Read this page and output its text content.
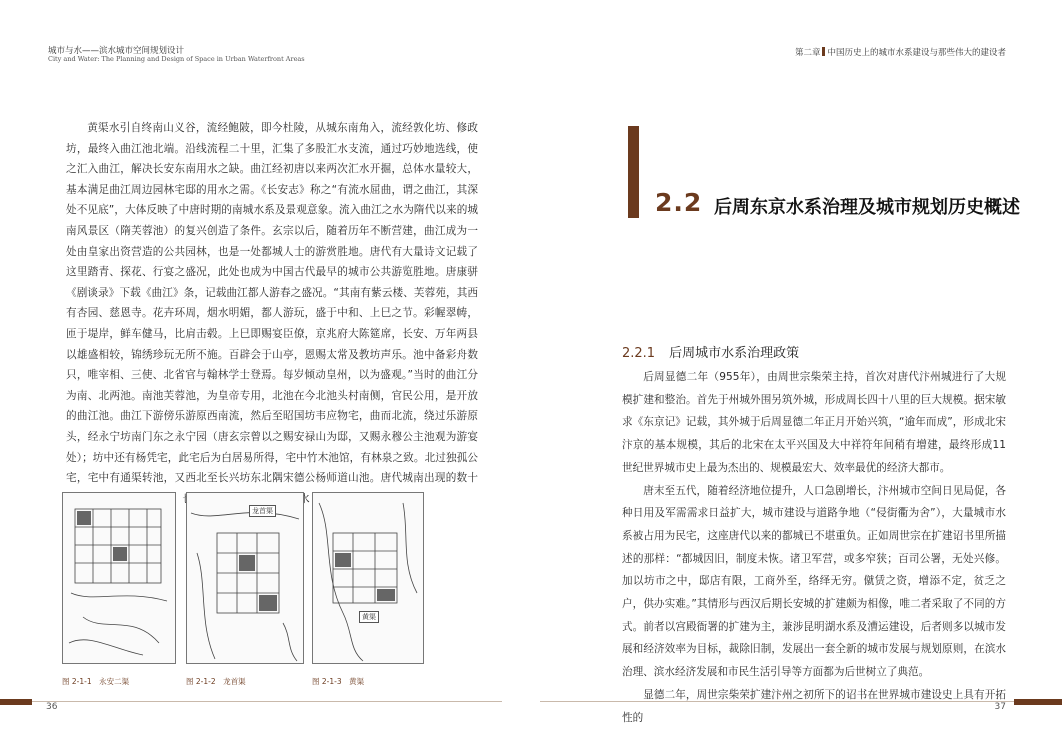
城市与水——滨水城市空间规划设计
City and Water: The Planning and Design of Space in Urban Waterfront Areas
第二章 中国历史上的城市水系建设与那些伟大的建设者

黄渠水引自终南山义谷，流经鲍陂，即今杜陵，从城东南角入，流经敦化坊、修政坊，最终入曲江池北端。沿线流程二十里，汇集了多股汇水支流，通过巧妙地选线，使之汇入曲江，解决长安东南用水之缺。曲江经初唐以来两次汇水开掘，总体水量较大，基本满足曲江周边园林宅邸的用水之需。《长安志》称之“有流水屈曲，谓之曲江，其深处不见底”，大体反映了中唐时期的南城水系及景观意象。流入曲江之水为隋代以来的城南风景区（隋芙蓉池）的复兴创造了条件。玄宗以后，随着历年不断营建，曲江成为一处由皇家出资营造的公共园林，也是一处都城人士的游赏胜地。唐代有大量诗文记载了这里踏青、探花、行宴之盛况，此处也成为中国古代最早的城市公共游览胜地。唐康骈《剧谈录》下载《曲江》条，记载曲江都人游春之盛况。“其南有紫云楼、芙蓉苑，其西有杏园、慈恩寺。花卉环周，烟水明媚，都人游玩，盛于中和、上巳之节。彩幄翠帱，匝于堤岸，鲜车健马，比肩击毂。上巳即赐宴臣僚，京兆府大陈筵席，长安、万年两县以雄盛相较，锦绣珍玩无所不施。百辟会于山亭，恩赐太常及教坊声乐。池中备彩舟数只，唯宰相、三使、北省官与翰林学士登焉。每岁倾动皇州，以为盛观。”当时的曲江分为南、北两池。南池芙蓉池，为皇帝专用，北池在今北池头村南侧，官民公用，是开放的曲江池。曲江下游傍乐游原西南流，然后至昭国坊韦应物宅，曲而北流，绕过乐游原头，经永宁坊南门东之永宁园（唐玄宗曾以之赐安禄山为邸，又赐永穆公主池观为游宴处）；坊中还有杨凭宅，此宅后为白居易所得，宅中竹木池馆，有林泉之致。北过独孤公宅，宅中有通渠转池，又西北至长兴坊东北隅宋德公杨师道山池。唐代城南出现的数十 ， 处引水（图2

龙首渠
黄渠
图 2-1-1　永安二渠	图 2-1-2　龙首渠	图 2-1-3　黄渠
2.2 后周东京水系治理及城市规划历史概述
2.2.1 后周城市水系治理政策

后周显德二年（955年），由周世宗柴荣主持，首次对唐代汴州城进行了大规模扩建和整治。首先于州城外围另筑外城，形成周长四十八里的巨大规模。据宋敏求《东京记》记载，其外城于后周显德二年正月开始兴筑，“逾年而成”，形成北宋汴京的基本规模，其后的北宋在太平兴国及大中祥符年间稍有增建，最终形成11世纪世界城市史上最为杰出的、规模最宏大、效率最优的经济大都市。

唐末至五代，随着经济地位提升，人口急剧增长，汴州城市空间日见局促，各种日用及军需需求日益扩大，城市建设与道路争地（“侵街衢为舍”），大量城市水系被占用为民宅，这座唐代以来的都城已不堪重负。正如周世宗在扩建诏书里所描述的那样：“都城因旧，制度未恢。诸卫军营，或多窄狭；百司公署，无处兴修。加以坊市之中，邸店有限，工商外至，络绎无穷。僦赁之资，增添不定，贫乏之户，供办实难。”其情形与西汉后期长安城的扩建颇为相像，唯二者采取了不同的方式。前者以宫殿衙署的扩建为主，兼涉昆明湖水系及漕运建设，后者则多以城市发展和经济效率为目标，裁除旧制，发展出一套全新的城市发展与规划原则，在滨水治理、滨水经济发展和市民生活引导等方面都为后世树立了典范。

显德二年，周世宗柴荣扩建汴州之初所下的诏书在世界城市建设史上具有开拓性的

36	37
